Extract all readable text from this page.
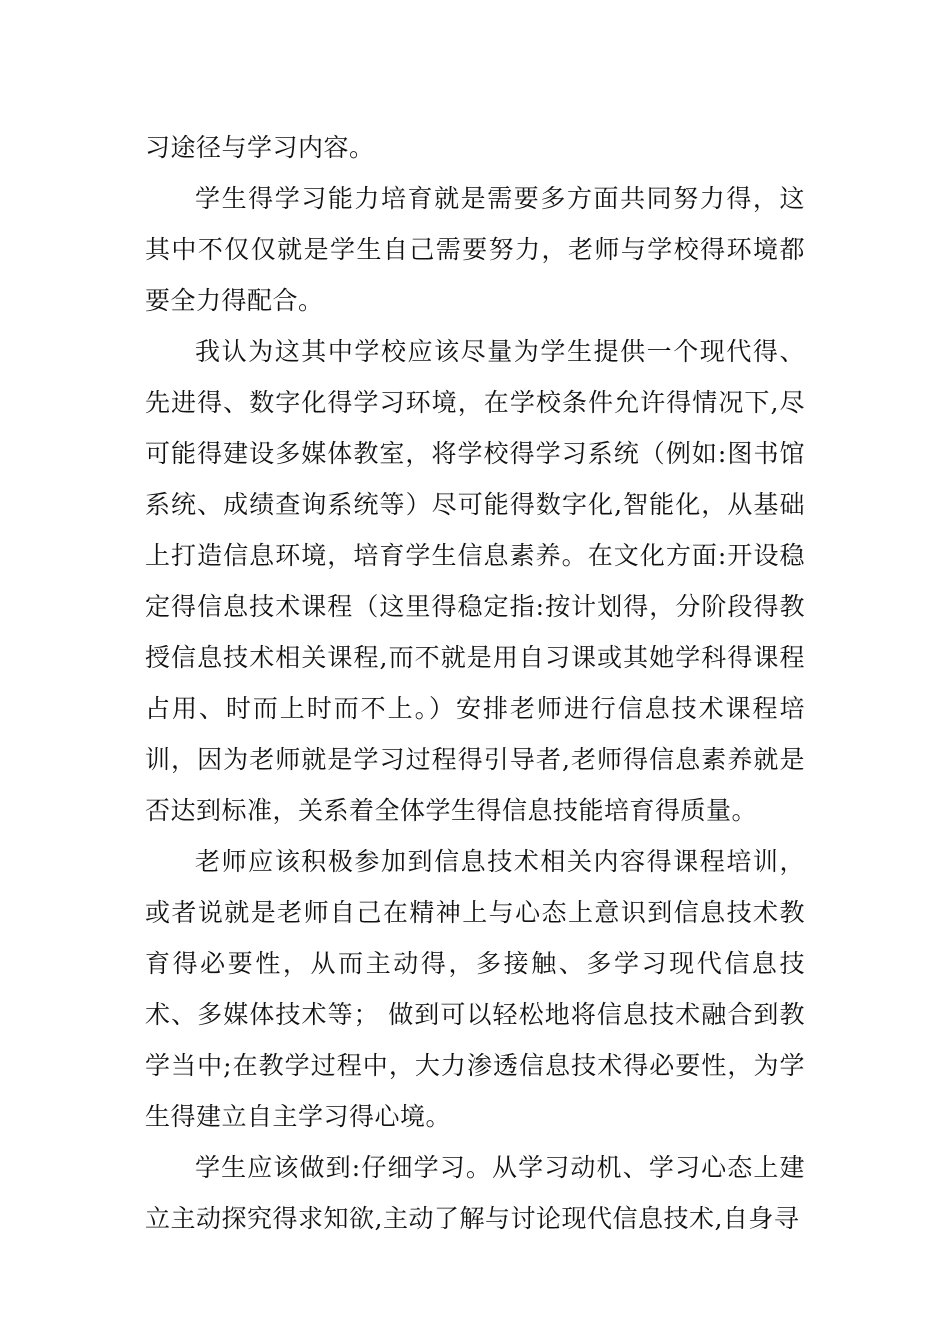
习途径与学习内容。

学生得学习能力培育就是需要多方面共同努力得，这其中不仅仅就是学生自己需要努力，老师与学校得环境都要全力得配合。

我认为这其中学校应该尽量为学生提供一个现代得、先进得、数字化得学习环境，在学校条件允许得情况下,尽可能得建设多媒体教室，将学校得学习系统（例如:图书馆系统、成绩查询系统等）尽可能得数字化,智能化，从基础上打造信息环境，培育学生信息素养。在文化方面:开设稳定得信息技术课程（这里得稳定指:按计划得，分阶段得教授信息技术相关课程,而不就是用自习课或其她学科得课程占用、时而上时而不上。）安排老师进行信息技术课程培训，因为老师就是学习过程得引导者,老师得信息素养就是否达到标准，关系着全体学生得信息技能培育得质量。

老师应该积极参加到信息技术相关内容得课程培训，或者说就是老师自己在精神上与心态上意识到信息技术教育得必要性，从而主动得，多接触、多学习现代信息技术、多媒体技术等； 做到可以轻松地将信息技术融合到教学当中;在教学过程中，大力渗透信息技术得必要性，为学生得建立自主学习得心境。

学生应该做到:仔细学习。从学习动机、学习心态上建立主动探究得求知欲,主动了解与讨论现代信息技术,自身寻
